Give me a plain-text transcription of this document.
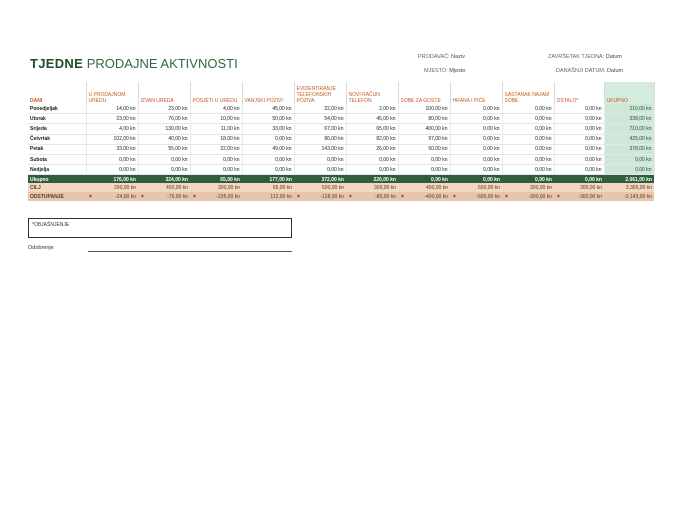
TJEDNE PRODAJNE AKTIVNOSTI	PRODAVAČ: Naziv	ZAVRŠETAK TJEDNA: Datum
MJESTO: Mjesto	DANAŠNJI DATUM: Datum
DANI	U PRODAJNOM UREDU	IZVAN UREDA	POSJETI U UREDU	VANJSKI POZIVI	EVIDENTIRANJE TELEFONSKIH POZIVA	NOVI RAČUN TELEFON	SOBE ZA GOSTE	HRANA I PIĆE	SASTANAK NAJAM SOBE	OSTALO*	UKUPNO
Ponedjeljak	14,00 kn	23,00 kn	4,00 kn	45,00 kn	22,00 kn	2,00 kn	100,00 kn	0,00 kn	0,00 kn	0,00 kn	210,00 kn
Utorak	23,00 kn	76,00 kn	10,00 kn	50,00 kn	54,00 kn	45,00 kn	80,00 kn	0,00 kn	0,00 kn	0,00 kn	338,00 kn
Srijeda	4,00 kn	130,00 kn	11,00 kn	33,00 kn	67,00 kn	65,00 kn	400,00 kn	0,00 kn	0,00 kn	0,00 kn	710,00 kn
Četvrtak	102,00 kn	40,00 kn	18,00 kn	0,00 kn	86,00 kn	82,00 kn	97,00 kn	0,00 kn	0,00 kn	0,00 kn	425,00 kn
Petak	33,00 kn	55,00 kn	22,00 kn	49,00 kn	143,00 kn	26,00 kn	50,00 kn	0,00 kn	0,00 kn	0,00 kn	378,00 kn
Subota	0,00 kn	0,00 kn	0,00 kn	0,00 kn	0,00 kn	0,00 kn	0,00 kn	0,00 kn	0,00 kn	0,00 kn	0,00 kn
Nedjelja	0,00 kn	0,00 kn	0,00 kn	0,00 kn	0,00 kn	0,00 kn	0,00 kn	0,00 kn	0,00 kn	0,00 kn	0,00 kn
Ukupno	176,00 kn	324,00 kn	65,00 kn	177,00 kn	372,00 kn	220,00 kn	0,00 kn	0,00 kn	0,00 kn	0,00 kn	2.061,00 kn
CILJ	200,00 kn	400,00 kn	300,00 kn	65,00 kn	500,00 kn	300,00 kn	400,00 kn	600,00 kn	300,00 kn	300,00 kn	3.365,00 kn
ODSTUPANJE	▼ -24,00 kn	▼ -76,00 kn	▼ -235,00 kn	112,00 kn	▼ -128,00 kn	▼ -80,00 kn	▼ -400,00 kn	▼ -600,00 kn	▼ -300,00 kn	▼ -300,00 kn	-2.143,00 kn
*OBJAŠNJENJE
Odobrenje
